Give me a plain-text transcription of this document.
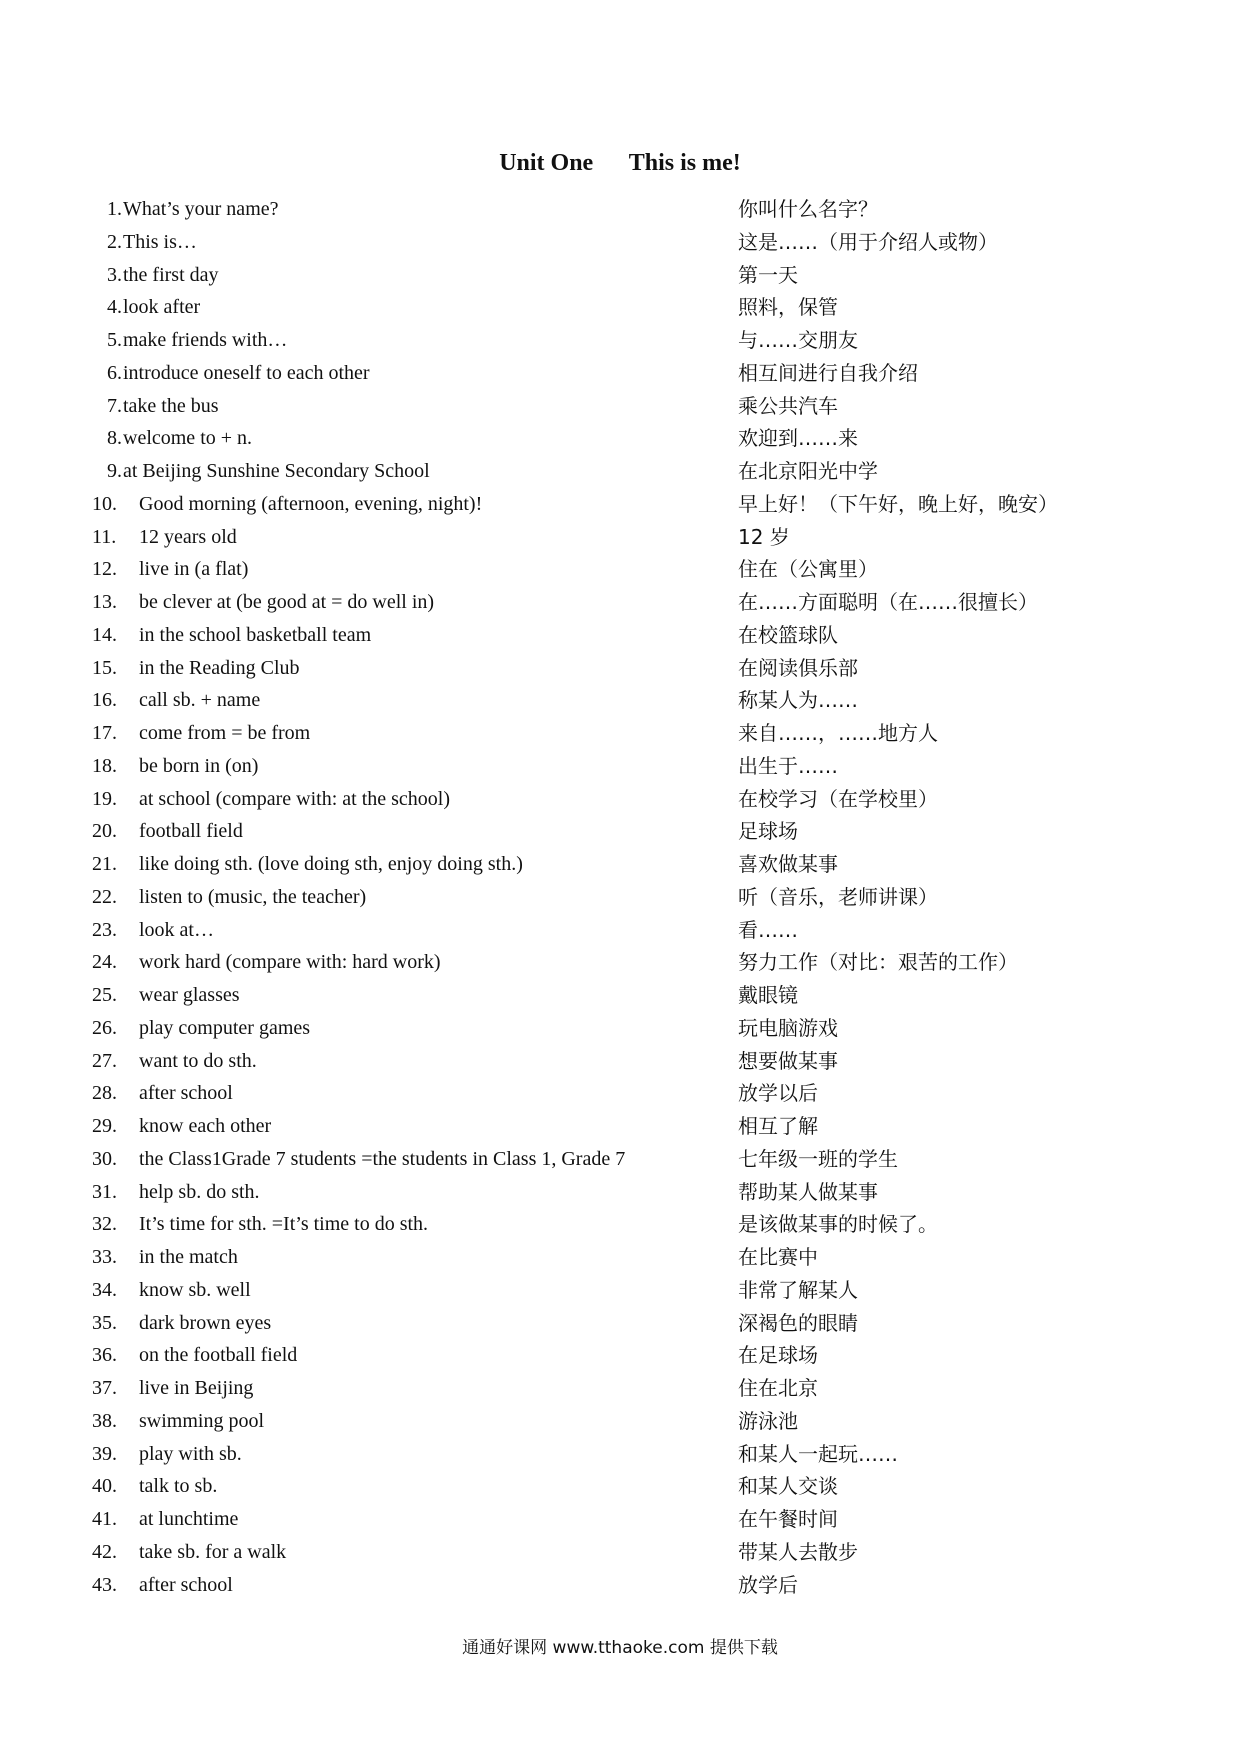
Unit One      This is me!
1. What’s your name?	你叫什么名字？
2. This is…	这是……（用于介绍人或物）
3. the first day	第一天
4. look after	照料，保管
5. make friends with…	与……交朋友
6. introduce oneself to each other	相互间进行自我介绍
7. take the bus	乘公共汽车
8. welcome to + n.	欢迎到……来
9. at Beijing Sunshine Secondary School	在北京阳光中学
10.	Good morning (afternoon, evening, night)!	早上好！（下午好，晚上好，晚安）
11.	12 years old	12 岁
12.	live in (a flat)	住在（公寓里）
13.	be clever at (be good at = do well in)	在……方面聪明（在……很擅长）
14.	in the school basketball team	在校篮球队
15.	in the Reading Club	在阅读俱乐部
16.	call sb. + name	称某人为……
17.	come from = be from	来自……，……地方人
18.	be born in (on)	出生于……
19.	at school (compare with: at the school)	在校学习（在学校里）
20.	football field	足球场
21.	like doing sth. (love doing sth, enjoy doing sth.)	喜欢做某事
22.	listen to (music, the teacher)	听（音乐，老师讲课）
23.	look at…	看……
24.	work hard (compare with: hard work)	努力工作（对比：艰苦的工作）
25.	wear glasses	戴眼镜
26.	play computer games	玩电脑游戏
27.	want to do sth.	想要做某事
28.	after school	放学以后
29.	know each other	相互了解
30.	the Class1Grade 7 students =the students in Class 1, Grade 7	七年级一班的学生
31.	help sb. do sth.	帮助某人做某事
32.	It’s time for sth. =It’s time to do sth.	是该做某事的时候了。
33.	in the match	在比赛中
34.	know sb. well	非常了解某人
35.	dark brown eyes	深褐色的眼睛
36.	on the football field	在足球场
37.	live in Beijing	住在北京
38.	swimming pool	游泳池
39.	play with sb.	和某人一起玩……
40.	talk to sb.	和某人交谈
41.	at lunchtime	在午餐时间
42.	take sb. for a walk	带某人去散步
43.	after school	放学后
通通好课网 www.tthaoke.com 提供下载
